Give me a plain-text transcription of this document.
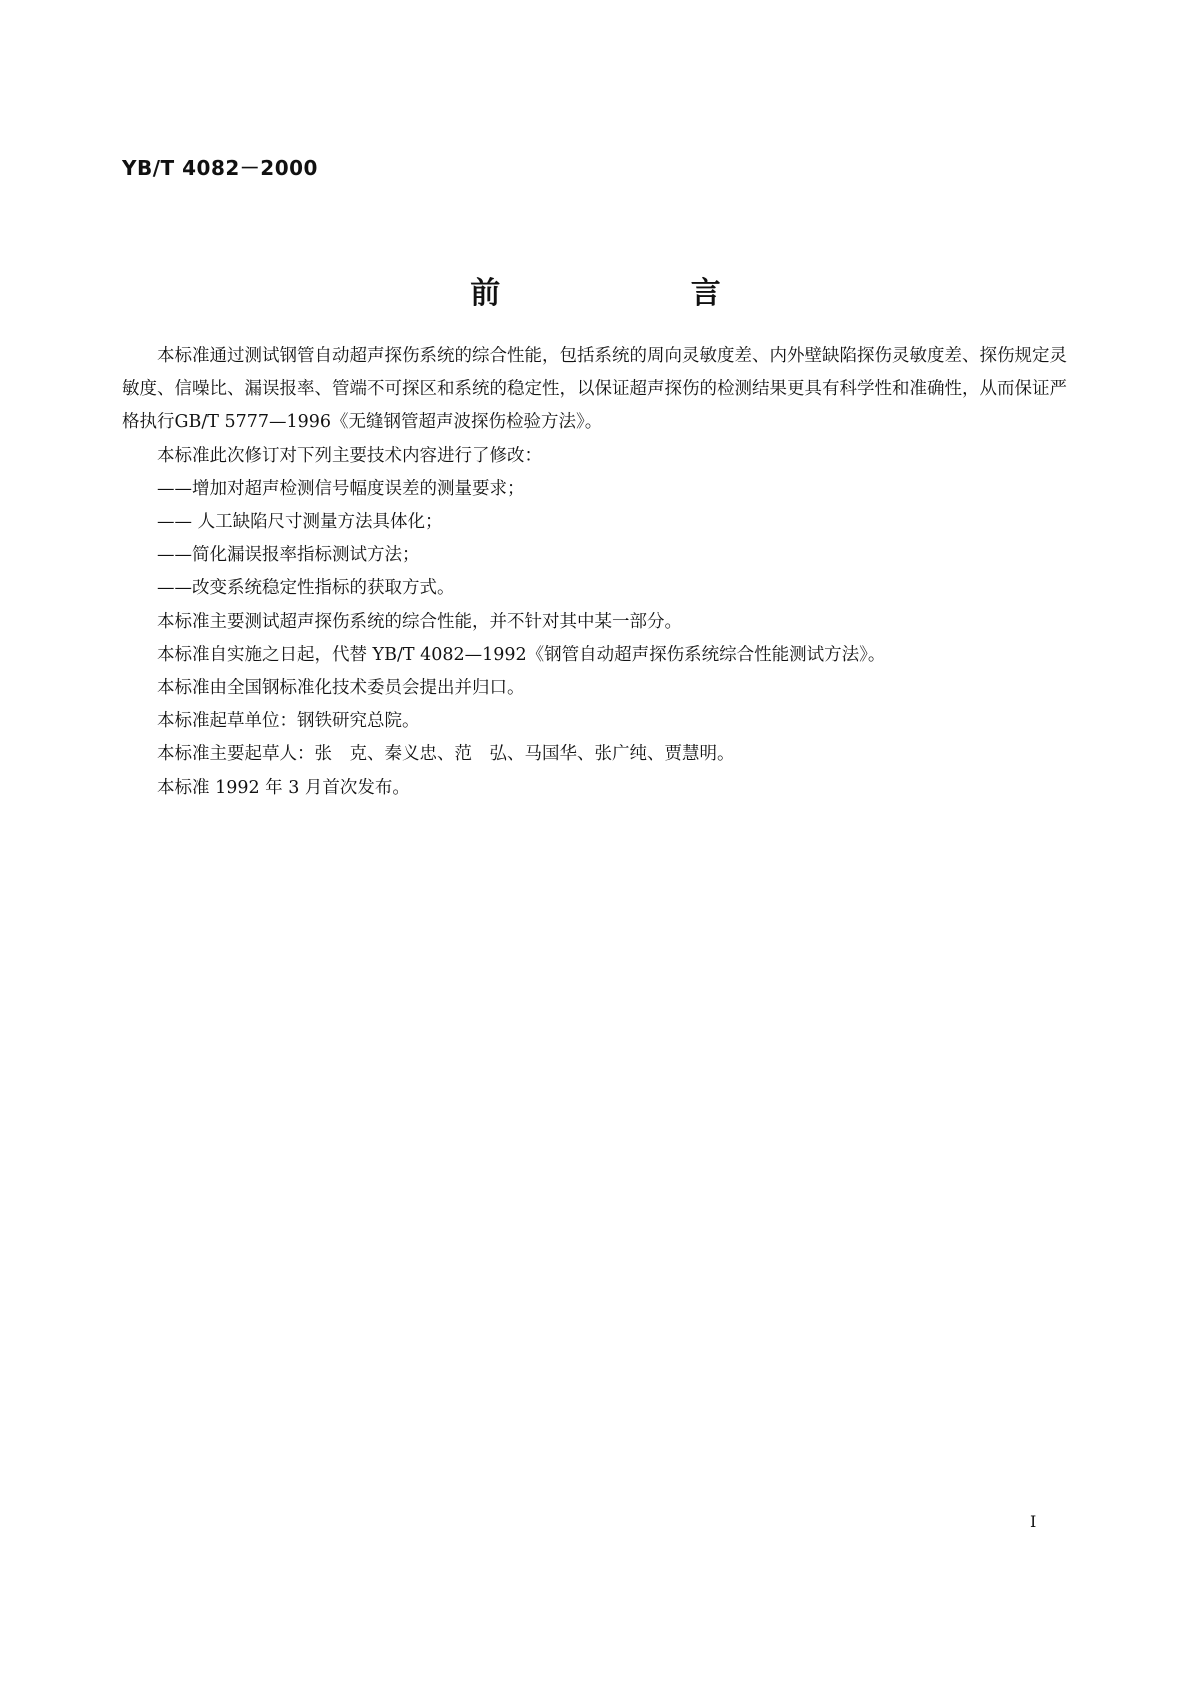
YB/T 4082－2000
前 言

本标准通过测试钢管自动超声探伤系统的综合性能，包括系统的周向灵敏度差、内外壁缺陷探伤灵敏度差、探伤规定灵敏度、信噪比、漏误报率、管端不可探区和系统的稳定性，以保证超声探伤的检测结果更具有科学性和准确性，从而保证严格执行GB/T 5777—1996《无缝钢管超声波探伤检验方法》。

本标准此次修订对下列主要技术内容进行了修改：

——增加对超声检测信号幅度误差的测量要求；

—— 人工缺陷尺寸测量方法具体化；

——简化漏误报率指标测试方法；

——改变系统稳定性指标的获取方式。

本标准主要测试超声探伤系统的综合性能，并不针对其中某一部分。

本标准自实施之日起，代替 YB/T 4082—1992《钢管自动超声探伤系统综合性能测试方法》。

本标准由全国钢标准化技术委员会提出并归口。

本标准起草单位：钢铁研究总院。

本标准主要起草人：张　克、秦义忠、范　弘、马国华、张广纯、贾慧明。

本标准 1992 年 3 月首次发布。

I
